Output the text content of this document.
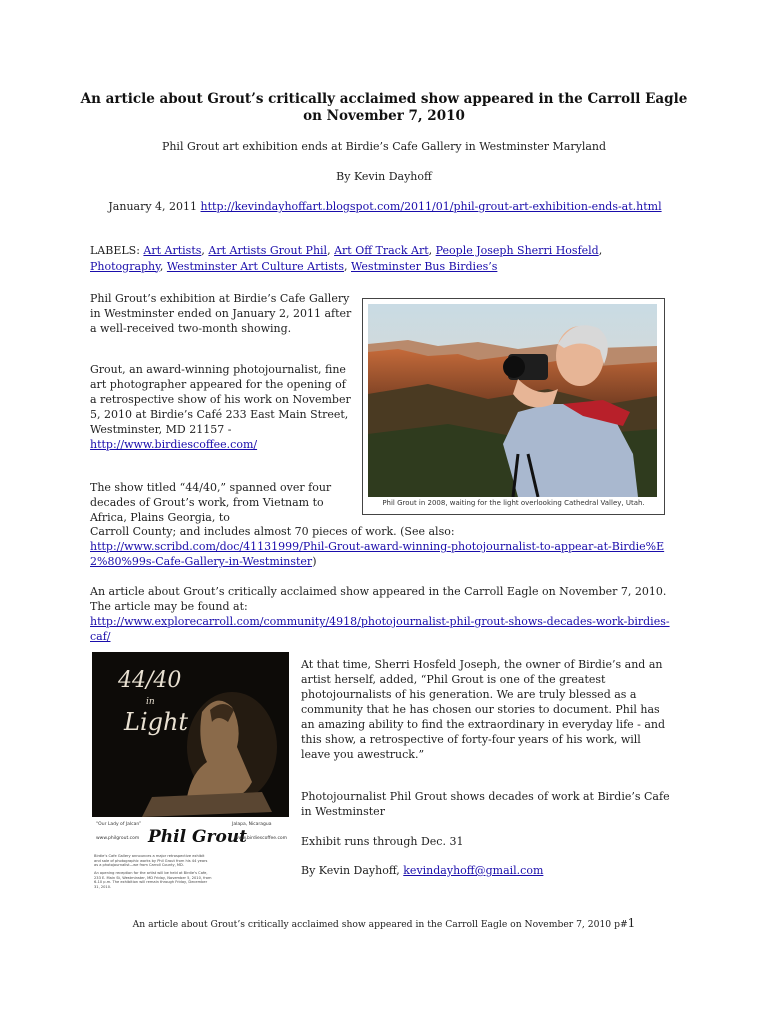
An article about Grout’s critically acclaimed show appeared in the Carroll Eagle on November 7, 2010
Phil Grout art exhibition ends at Birdie’s Cafe Gallery in Westminster Maryland
By Kevin Dayhoff
January 4, 2011 http://kevindayhoffart.blogspot.com/2011/01/phil-grout-art-exhibition-ends-at.html
LABELS: Art Artists, Art Artists Grout Phil, Art Off Track Art, People Joseph Sherri Hosfeld, Photography, Westminster Art Culture Artists, Westminster Bus Birdies’s
Phil Grout’s exhibition at Birdie’s Cafe Gallery in Westminster ended on January 2, 2011 after a well-received two-month showing.
Grout, an award-winning photojournalist, fine art photographer appeared for the opening of a retrospective show of his work on November 5, 2010 at Birdie’s Café 233 East Main Street, Westminster, MD 21157 -
http://www.birdiescoffee.com/
The show titled “44/40,” spanned over four decades of Grout’s work, from Vietnam to Africa, Plains Georgia, to
Carroll County; and includes almost 70 pieces of work. (See also:
http://www.scribd.com/doc/41131999/Phil-Grout-award-winning-photojournalist-to-appear-at-Birdie%E2%80%99s-Cafe-Gallery-in-Westminster)
An article about Grout’s critically acclaimed show appeared in the Carroll Eagle on November 7, 2010. The article may be found at:
http://www.explorecarroll.com/community/4918/photojournalist-phil-grout-shows-decades-work-birdies-caf/
Phil Grout in 2008, waiting for the light overlooking Cathedral Valley, Utah.
44/40
in
Light
“Our Lady of Jalcan”	Jalapa, Nicaragua
www.philgrout.com Phil Grout
www.birdiescoffee.com
Birdie’s Cafe Gallery announces a major retrospective exhibit and sale of photographic works by Phil Grout from his 44 years as a photojournalist—we from Carroll County, MD.
An opening reception for the artist will be held at Birdie’s Cafe, 233 E. Main St, Westminster, MD Friday, November 5, 2010, from 6-10 p.m. The exhibition will remain through Friday, December 31, 2010.
At that time, Sherri Hosfeld Joseph, the owner of Birdie’s and an artist herself, added, “Phil Grout is one of the greatest photojournalists of his generation. We are truly blessed as a community that he has chosen our stories to document. Phil has an amazing ability to find the extraordinary in everyday life - and this show, a retrospective of forty-four years of his work, will leave you awestruck.”
Photojournalist Phil Grout shows decades of work at Birdie’s Cafe in Westminster
Exhibit runs through Dec. 31
By Kevin Dayhoff, kevindayhoff@gmail.com
An article about Grout’s critically acclaimed show appeared in the Carroll Eagle on November 7, 2010 p#1
